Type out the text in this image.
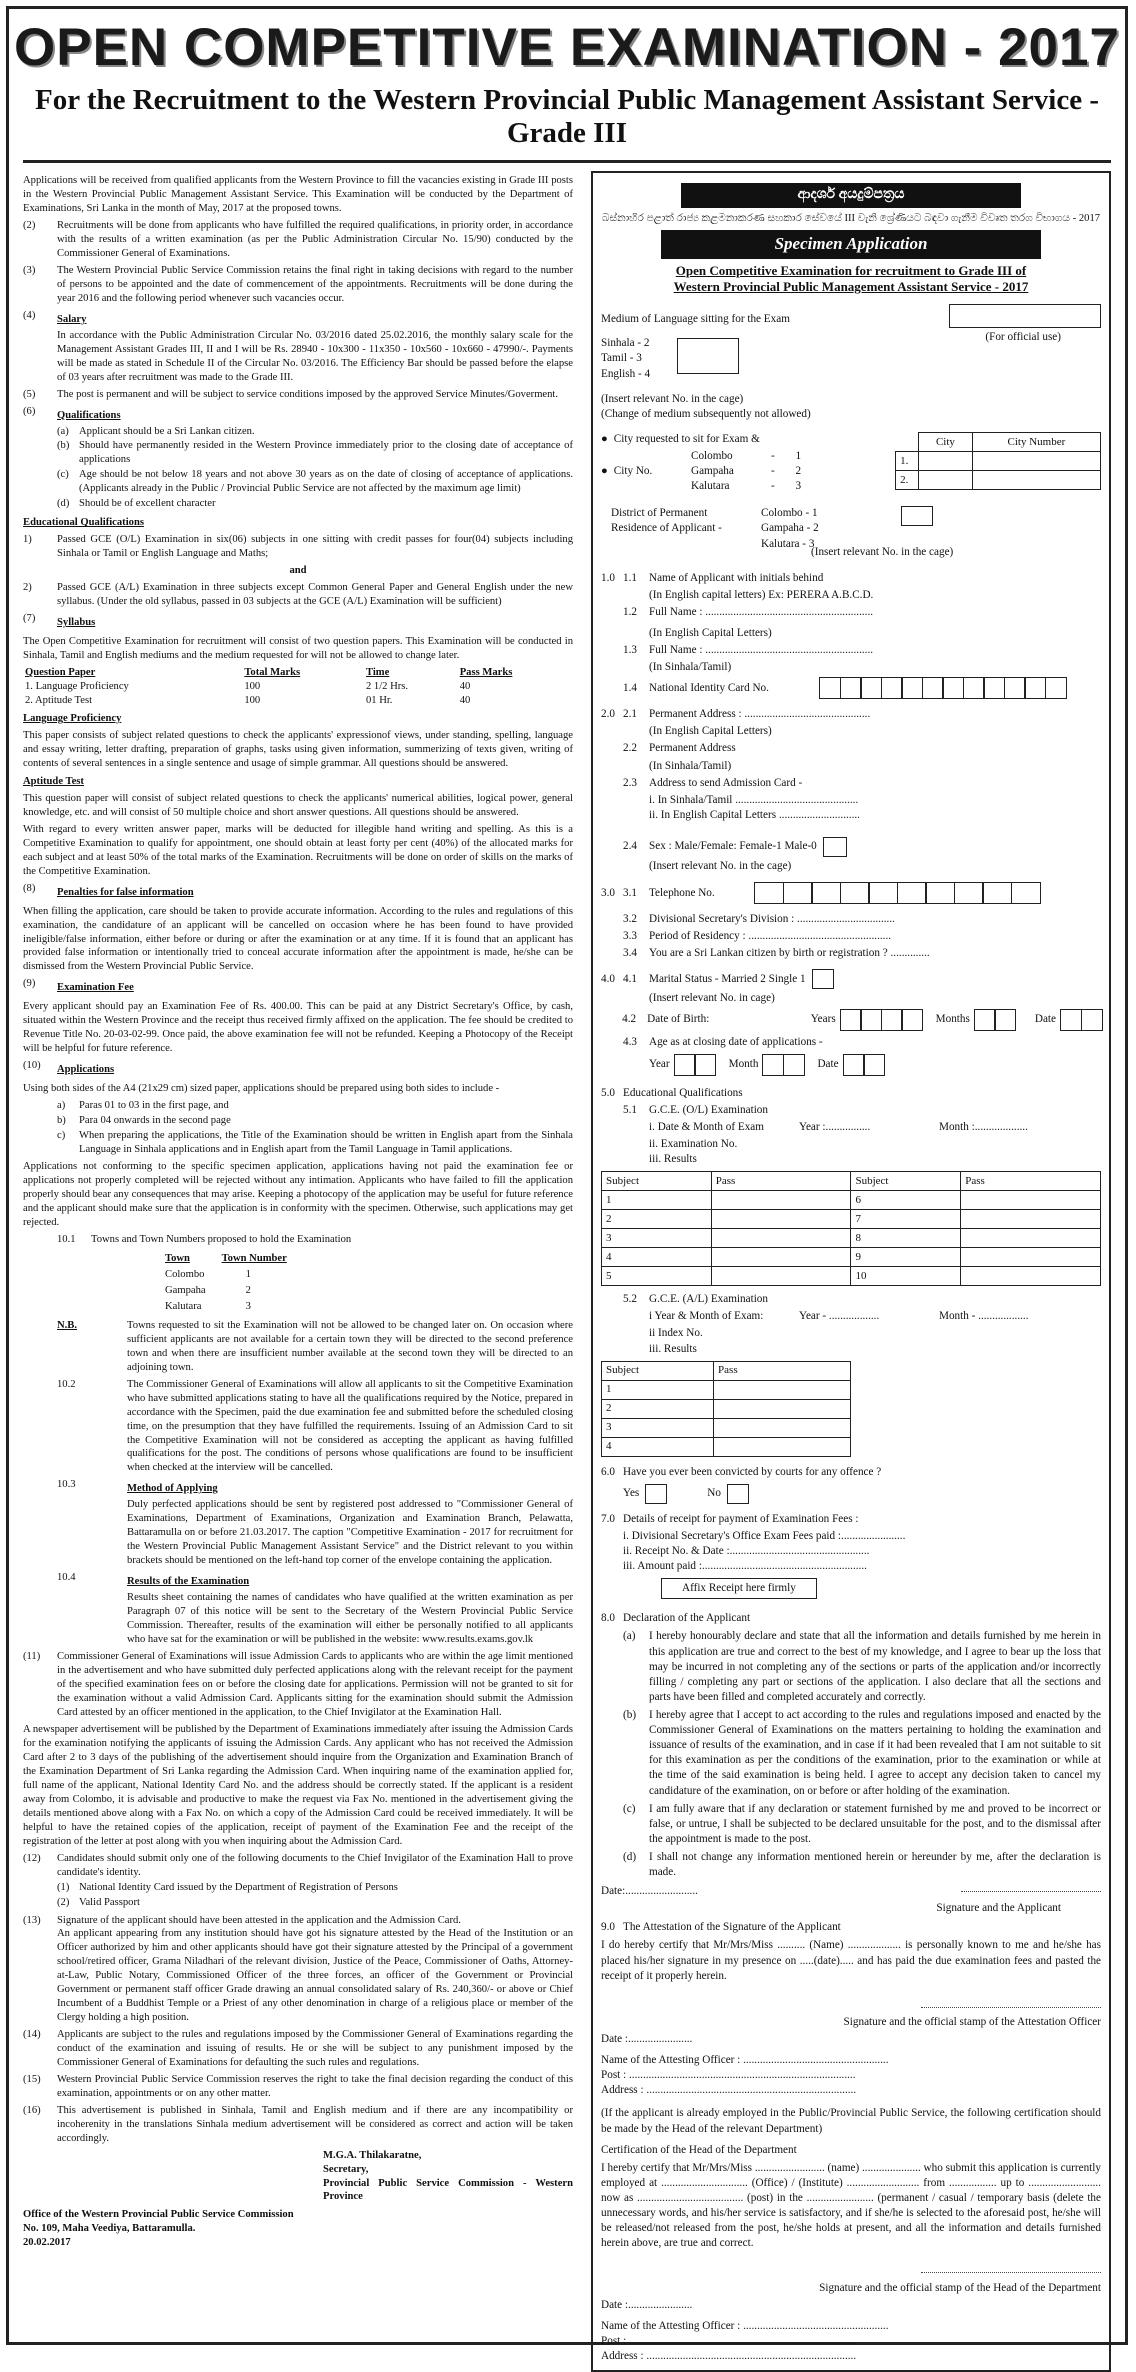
OPEN COMPETITIVE EXAMINATION - 2017
For the Recruitment to the Western Provincial Public Management Assistant Service - Grade III

Applications will be received from qualified applicants from the Western Province to fill the vacancies existing in Grade III posts in the Western Provincial Public Management Assistant Service. This Examination will be conducted by the Department of Examinations, Sri Lanka in the month of May, 2017 at the proposed towns.

(2)	Recruitments will be done from applicants who have fulfilled the required qualifications, in priority order, in accordance with the results of a written examination (as per the Public Administration Circular No. 15/90) conducted by the Commissioner General of Examinations.
(3)	The Western Provincial Public Service Commission retains the final right in taking decisions with regard to the number of persons to be appointed and the date of commencement of the appointments. Recruitments will be done during the year 2016 and the following period whenever such vacancies occur.
(4)	Salary
In accordance with the Public Administration Circular No. 03/2016 dated 25.02.2016, the monthly salary scale for the Management Assistant Grades III, II and I will be Rs. 28940 - 10x300 - 11x350 - 10x560 - 10x660 - 47990/-. Payments will be made as stated in Schedule II of the Circular No. 03/2016. The Efficiency Bar should be passed before the elapse of 03 years after recruitment was made to the Grade III.
(5)	The post is permanent and will be subject to service conditions imposed by the approved Service Minutes/Goverment.
(6)	Qualifications
(a) Applicant should be a Sri Lankan citizen.
(b) Should have permanently resided in the Western Province immediately prior to the closing date of acceptance of applications
(c) Age should be not below 18 years and not above 30 years as on the date of closing of acceptance of applications. (Applicants already in the Public / Provincial Public Service are not affected by the maximum age limit)
(d) Should be of excellent character
Educational Qualifications
1)	Passed GCE (O/L) Examination in six(06) subjects in one sitting with credit passes for four(04) subjects including Sinhala or Tamil or English Language and Maths;
and
2)	Passed GCE (A/L) Examination in three subjects except Common General Paper and General English under the new syllabus. (Under the old syllabus, passed in 03 subjects at the GCE (A/L) Examination will be sufficient)
(7)	Syllabus

The Open Competitive Examination for recruitment will consist of two question papers. This Examination will be conducted in Sinhala, Tamil and English mediums and the medium requested for will not be allowed to change later.

Question Paper	Total Marks	Time	Pass Marks
1. Language Proficiency	100	2 1/2 Hrs.	40
2. Aptitude Test	100	01 Hr.	40
Language Proficiency

This paper consists of subject related questions to check the applicants' expressionof views, under standing, spelling, language and essay writing, letter drafting, preparation of graphs, tasks using given information, summerizing of texts given, writing of contents of several sentences in a single sentence and usage of simple grammar. All questions should be answered.

Aptitude Test

This question paper will consist of subject related questions to check the applicants' numerical abilities, logical power, general knowledge, etc. and will consist of 50 multiple choice and short answer questions. All questions should be answered.

With regard to every written answer paper, marks will be deducted for illegible hand writing and spelling. As this is a Competitive Examination to qualify for appointment, one should obtain at least forty per cent (40%) of the allocated marks for each subject and at least 50% of the total marks of the Examination. Recruitments will be done on order of skills on the marks of the Competitive Examination.

(8)	Penalties for false information

When filling the application, care should be taken to provide accurate information. According to the rules and regulations of this examination, the candidature of an applicant will be cancelled on occasion where he has been found to have provided ineligible/false information, either before or during or after the examination or at any time. If it is found that an applicant has provided false information or intentionally tried to conceal accurate information after the appointment is made, he/she can be dismissed from the Western Provincial Public Service.

(9)	Examination Fee

Every applicant should pay an Examination Fee of Rs. 400.00. This can be paid at any District Secretary's Office, by cash, situated within the Western Province and the receipt thus received firmly affixed on the application. The fee should be credited to Revenue Title No. 20-03-02-99. Once paid, the above examination fee will not be refunded. Keeping a Photocopy of the Receipt will be helpful for future reference.

(10)	Applications

Using both sides of the A4 (21x29 cm) sized paper, applications should be prepared using both sides to include -

a)	Paras 01 to 03 in the first page, and
b)	Para 04 onwards in the second page
c)	When preparing the applications, the Title of the Examination should be written in English apart from the Sinhala Language in Sinhala applications and in English apart from the Tamil Language in Tamil applications.

Applications not conforming to the specific specimen application, applications having not paid the examination fee or applications not properly completed will be rejected without any intimation. Applicants who have failed to fill the application properly should bear any consequences that may arise. Keeping a photocopy of the application may be useful for future reference and the applicant should make sure that the application is in conformity with the specimen. Otherwise, such applications may get rejected.

10.1	Towns and Town Numbers proposed to hold the Examination
Town	Town Number
Colombo	1
Gampaha	2
Kalutara	3
N.B.	Towns requested to sit the Examination will not be allowed to be changed later on. On occasion where sufficient applicants are not available for a certain town they will be directed to the second preference town and when there are insufficient number available at the second town they will be directed to an adjoining town.
10.2	The Commissioner General of Examinations will allow all applicants to sit the Competitive Examination who have submitted applications stating to have all the qualifications required by the Notice, prepared in accordance with the Specimen, paid the due examination fee and submitted before the scheduled closing time, on the presumption that they have fulfilled the requirements. Issuing of an Admission Card to sit the Competitive Examination will not be considered as accepting the applicant as having fulfilled qualifications for the post. The conditions of persons whose qualifications are found to be insufficient when checked at the interview will be cancelled.
10.3	Method of Applying
Duly perfected applications should be sent by registered post addressed to "Commissioner General of Examinations, Department of Examinations, Organization and Examination Branch, Pelawatta, Battaramulla on or before 21.03.2017. The caption "Competitive Examination - 2017 for recruitment for the Western Provincial Public Management Assistant Service" and the District relevant to you within brackets should be mentioned on the left-hand top corner of the envelope containing the application.
10.4	Results of the Examination
Results sheet containing the names of candidates who have qualified at the written examination as per Paragraph 07 of this notice will be sent to the Secretary of the Western Provincial Public Service Commission. Thereafter, results of the examination will either be personally notified to all applicants who have sat for the examination or will be published in the website: www.results.exams.gov.lk
(11)	Commissioner General of Examinations will issue Admission Cards to applicants who are within the age limit mentioned in the advertisement and who have submitted duly perfected applications along with the relevant receipt for the payment of the specified examination fees on or before the closing date for applications. Permission will not be granted to sit for the examination without a valid Admission Card. Applicants sitting for the examination should submit the Admission Card attested by an officer mentioned in the application, to the Chief Invigilator at the Examination Hall.

A newspaper advertisement will be published by the Department of Examinations immediately after issuing the Admission Cards for the examination notifying the applicants of issuing the Admission Cards. Any applicant who has not received the Admission Card after 2 to 3 days of the publishing of the advertisement should inquire from the Organization and Examination Branch of the Examination Department of Sri Lanka regarding the Admission Card. When inquiring name of the examination applied for, full name of the applicant, National Identity Card No. and the address should be correctly stated. If the applicant is a resident away from Colombo, it is advisable and productive to make the request via Fax No. mentioned in the advertisement giving the details mentioned above along with a Fax No. on which a copy of the Admission Card could be received immediately. It will be helpful to have the retained copies of the application, receipt of payment of the Examination Fee and the receipt of the registration of the letter at post along with you when inquiring about the Admission Card.

(12)	Candidates should submit only one of the following documents to the Chief Invigilator of the Examination Hall to prove candidate's identity.
(1) National Identity Card issued by the Department of Registration of Persons
(2) Valid Passport
(13)	Signature of the applicant should have been attested in the application and the Admission Card.
An applicant appearing from any institution should have got his signature attested by the Head of the Institution or an Officer authorized by him and other applicants should have got their signature attested by the Principal of a government school/retired officer, Grama Niladhari of the relevant division, Justice of the Peace, Commissioner of Oaths, Attorney-at-Law, Public Notary, Commissioned Officer of the three forces, an officer of the Government or Provincial Government or permanent staff officer Grade drawing an annual consolidated salary of Rs. 240,360/- or above or Chief Incumbent of a Buddhist Temple or a Priest of any other denomination in charge of a religious place or member of the Clergy holding a high position.
(14)	Applicants are subject to the rules and regulations imposed by the Commissioner General of Examinations regarding the conduct of the examination and issuing of results. He or she will be subject to any punishment imposed by the Commissioner General of Examinations for defaulting the such rules and regulations.
(15)	Western Provincial Public Service Commission reserves the right to take the final decision regarding the conduct of this examination, appointments or on any other matter.
(16)	This advertisement is published in Sinhala, Tamil and English medium and if there are any incompatibility or incoherenity in the translations Sinhala medium advertisement will be considered as correct and action will be taken accordingly.
M.G.A. Thilakaratne,
Secretary,
Provincial Public Service Commission - Western Province
Office of the Western Provincial Public Service Commission
No. 109, Maha Veediya, Battaramulla.
20.02.2017
ආදර්ශ අයදුම්පත්‍රය
බස්නාහිර පළාත් රාජ්‍ය කළමනාකරණ සහකාර සේවයේ III වැනි ශ්‍රේණියට බඳවා ගැනීම විවෘත තරග විභාගය - 2017
Specimen Application
Open Competitive Examination for recruitment to Grade III of
Western Provincial Public Management Assistant Service - 2017
Medium of Language sitting for the Exam
Sinhala - 2
Tamil - 3
English - 4
(For official use)
(Insert relevant No. in the cage)
(Change of medium subsequently not allowed)
● City requested to sit for Exam &
● City No.
Colombo	- 1
Gampaha	- 2
Kalutara	- 3
	City	City Number
1.		
2.		
District of Permanent
Residence of Applicant -
Colombo - 1
Gampaha - 2
Kalutara - 3
(Insert relevant No. in the cage)
1.0 1.1	Name of Applicant with initials behind
(In English capital letters) Ex: PERERA A.B.C.D.
1.2	Full Name : ............................................................
(In English Capital Letters)
1.3	Full Name : ............................................................
(In Sinhala/Tamil)
1.4	National Identity Card No.
2.0 2.1	Permanent Address : .............................................
(In English Capital Letters)
2.2	Permanent Address
(In Sinhala/Tamil)
2.3	Address to send Admission Card -
i. In Sinhala/Tamil ............................................
ii. In English Capital Letters .............................
2.4	Sex : Male/Female: Female-1 Male-0
(Insert relevant No. in the cage)
3.0 3.1	Telephone No.
3.2	Divisional Secretary's Division : ...................................
3.3	Period of Residency : ...................................................
3.4	You are a Sri Lankan citizen by birth or registration ? ..............
4.0 4.1	Marital Status - Married 2 Single 1
(Insert relevant No. in cage)
4.2 Date of Birth:	Years	Months	Date
4.3	Age as at closing date of applications -
Year	Month	Date
5.0 Educational Qualifications
5.1	G.C.E. (O/L) Examination
i. Date & Month of Exam	Year :................	Month :...................
ii. Examination No.
iii. Results
Subject	Pass	Subject	Pass
1		6	
2		7	
3		8	
4		9	
5		10	
5.2	G.C.E. (A/L) Examination
i Year & Month of Exam:	Year - ..................	Month - ..................
ii Index No.
iii. Results
Subject	Pass
1	
2	
3	
4	
6.0 Have you ever been convicted by courts for any offence ?
Yes	No
7.0 Details of receipt for payment of Examination Fees :
i. Divisional Secretary's Office Exam Fees paid :.......................
ii. Receipt No. & Date :..................................................
iii. Amount paid :...........................................................
Affix Receipt here firmly
8.0 Declaration of the Applicant
(a)	I hereby honourably declare and state that all the information and details furnished by me herein in this application are true and correct to the best of my knowledge, and I agree to bear up the loss that may be incurred in not completing any of the sections or parts of the application and/or incorrectly filling / completing any part or sections of the application. I also declare that all the sections and parts have been filled and completed accurately and correctly.
(b)	I hereby agree that I accept to act according to the rules and regulations imposed and enacted by the Commissioner General of Examinations on the matters pertaining to holding the examination and issuance of results of the examination, and in case if it had been revealed that I am not suitable to sit for this examination as per the conditions of the examination, prior to the examination or while at the time of the said examination is being held. I agree to accept any decision taken to cancel my candidature of the examination, on or before or after holding of the examination.
(c)	I am fully aware that if any declaration or statement furnished by me and proved to be incorrect or false, or untrue, I shall be subjected to be declared unsuitable for the post, and to the dismissal after the appointment is made to the post.
(d)	I shall not change any information mentioned herein or hereunder by me, after the declaration is made.
Date:..........................
Signature and the Applicant
9.0 The Attestation of the Signature of the Applicant

I do hereby certify that Mr/Mrs/Miss .......... (Name) ................... is personally known to me and he/she has placed his/her signature in my presence on .....(date)..... and has paid the due examination fees and pasted the receipt of it properly herein.

Signature and the official stamp of the Attestation Officer
Date :.......................
Name of the Attesting Officer : ....................................................
Post : .................................................................................
Address : ...........................................................................

(If the applicant is already employed in the Public/Provincial Public Service, the following certification should be made by the Head of the relevant Department)

Certification of the Head of the Department

I hereby certify that Mr/Mrs/Miss ......................... (name) ..................... who submit this application is currently employed at ............................... (Office) / (Institute) .......................... from ................. up to .......................... now as ...................................... (post) in the ........................ (permanent / casual / temporary basis (delete the unnecessary words, and his/her service is satisfactory, and if she/he is selected to the aforesaid post, he/she will be released/not released from the post, he/she holds at present, and all the information and details furnished herein above, are true and correct.

Signature and the official stamp of the Head of the Department
Date :.......................
Name of the Attesting Officer : ....................................................
Post : .................................................................................
Address : ...........................................................................
